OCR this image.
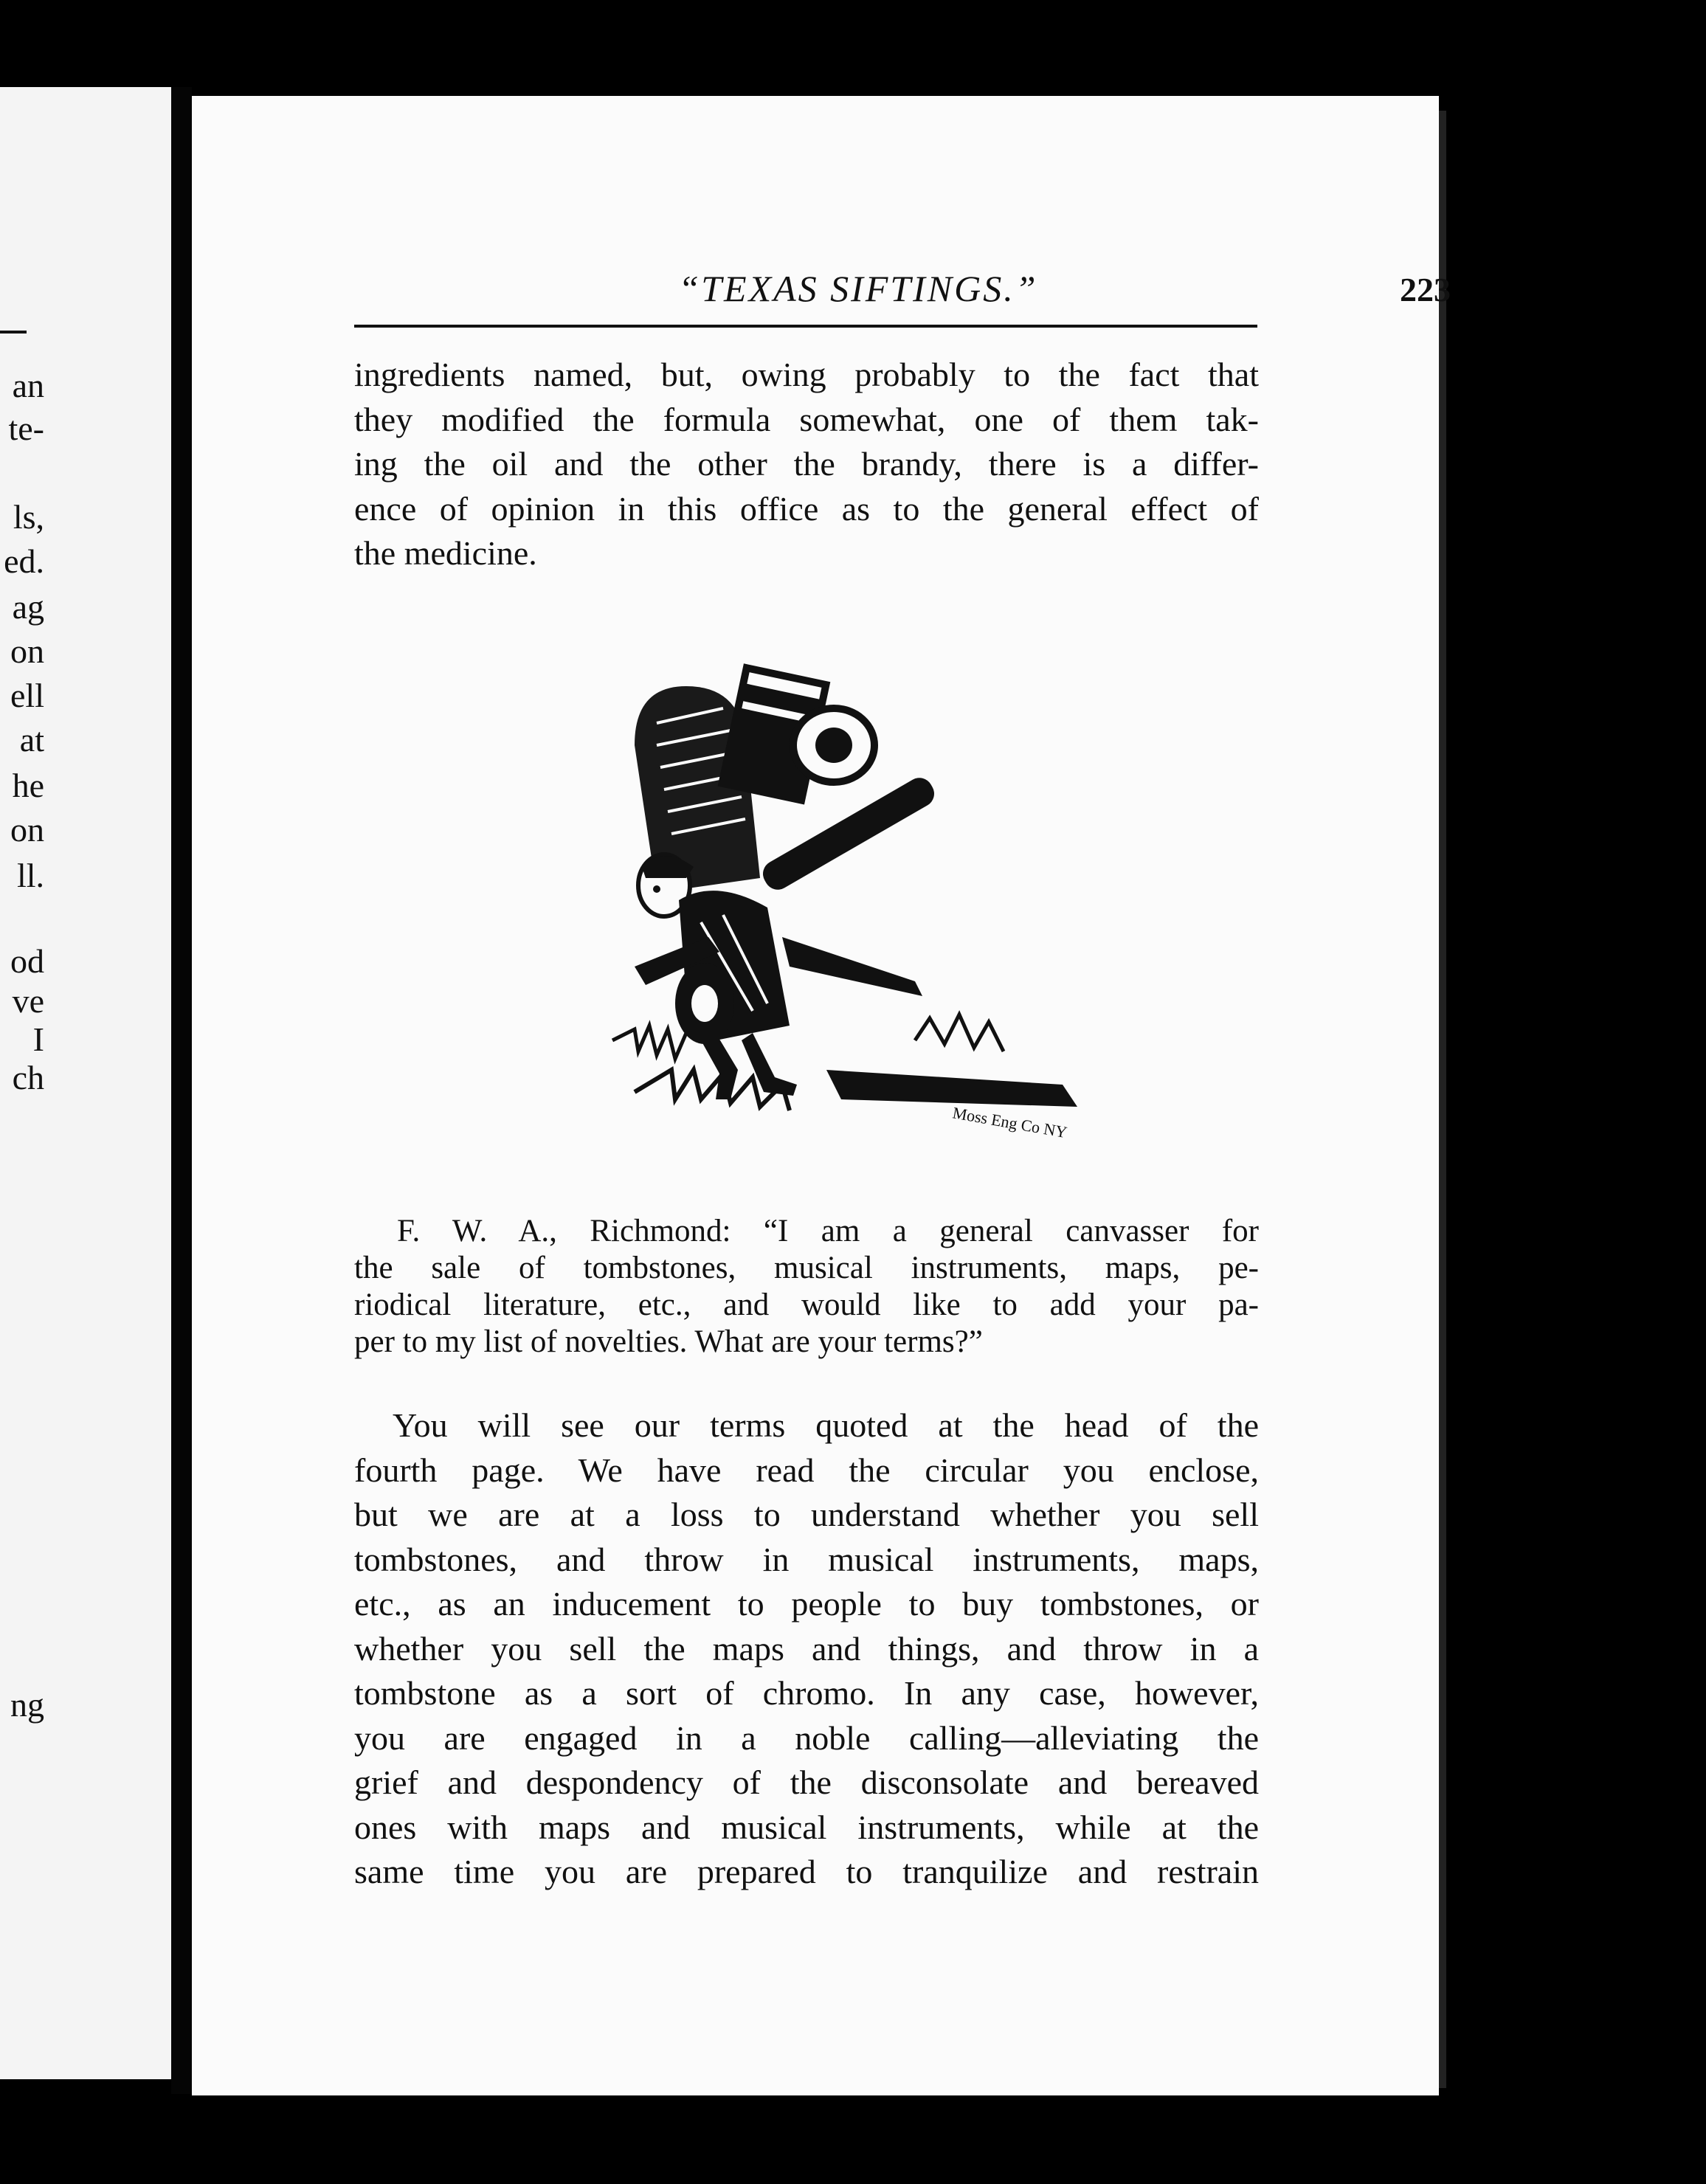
an
te-
ls,
ed.
ag
on
ell
at
he
on
ll.
od
ve
I
ch
ng
“TEXAS SIFTINGS.”	223
ingredients named, but, owing probably to the fact that
they modified the formula somewhat, one of them tak-
ing the oil and the other the brandy, there is a differ-
ence of opinion in this office as to the general effect of
the medicine.
Moss Eng Co NY
F. W. A., Richmond: “I am a general canvasser for
the sale of tombstones, musical instruments, maps, pe-
riodical literature, etc., and would like to add your pa-
per to my list of novelties. What are your terms?”
You will see our terms quoted at the head of the
fourth page. We have read the circular you enclose,
but we are at a loss to understand whether you sell
tombstones, and throw in musical instruments, maps,
etc., as an inducement to people to buy tombstones, or
whether you sell the maps and things, and throw in a
tombstone as a sort of chromo. In any case, however,
you are engaged in a noble calling—alleviating the
grief and despondency of the disconsolate and bereaved
ones with maps and musical instruments, while at the
same time you are prepared to tranquilize and restrain
